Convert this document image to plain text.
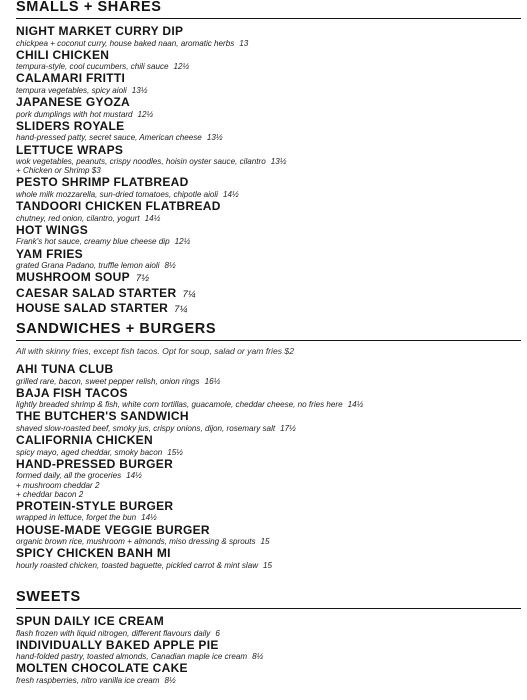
SMALLS + SHARES
NIGHT MARKET CURRY DIP
chickpea + coconut curry, house baked naan, aromatic herbs 13
CHILI CHICKEN
tempura-style, cool cucumbers, chili sauce 12½
CALAMARI FRITTI
tempura vegetables, spicy aioli 13½
JAPANESE GYOZA
pork dumplings with hot mustard 12½
SLIDERS ROYALE
hand-pressed patty, secret sauce, American cheese 13½
LETTUCE WRAPS
wok vegetables, peanuts, crispy noodles, hoisin oyster sauce, cilantro 13½
+ Chicken or Shrimp $3
PESTO SHRIMP FLATBREAD
whole milk mozzarella, sun-dried tomatoes, chipotle aioli 14½
TANDOORI CHICKEN FLATBREAD
chutney, red onion, cilantro, yogurt 14½
HOT WINGS
Frank's hot sauce, creamy blue cheese dip 12½
YAM FRIES
grated Grana Padano, truffle lemon aioli 8½
MUSHROOM SOUP 7½
CAESAR SALAD STARTER 7¼
HOUSE SALAD STARTER 7¼
SANDWICHES + BURGERS
All with skinny fries, except fish tacos. Opt for soup, salad or yam fries $2
AHI TUNA CLUB
grilled rare, bacon, sweet pepper relish, onion rings 16½
BAJA FISH TACOS
lightly breaded shrimp & fish, white corn tortillas, guacamole, cheddar cheese, no fries here 14½
THE BUTCHER'S SANDWICH
shaved slow-roasted beef, smoky jus, crispy onions, dijon, rosemary salt 17½
CALIFORNIA CHICKEN
spicy mayo, aged cheddar, smoky bacon 15½
HAND-PRESSED BURGER
formed daily, all the groceries 14½
+ mushroom cheddar 2
+ cheddar bacon 2
PROTEIN-STYLE BURGER
wrapped in lettuce, forget the bun 14½
HOUSE-MADE VEGGIE BURGER
organic brown rice, mushroom + almonds, miso dressing & sprouts 15
SPICY CHICKEN BANH MI
hourly roasted chicken, toasted baguette, pickled carrot & mint slaw 15
SWEETS
SPUN DAILY ICE CREAM
flash frozen with liquid nitrogen, different flavours daily 6
INDIVIDUALLY BAKED APPLE PIE
hand-folded pastry, toasted almonds, Canadian maple ice cream 8½
MOLTEN CHOCOLATE CAKE
fresh raspberries, nitro vanilla ice cream 8½
